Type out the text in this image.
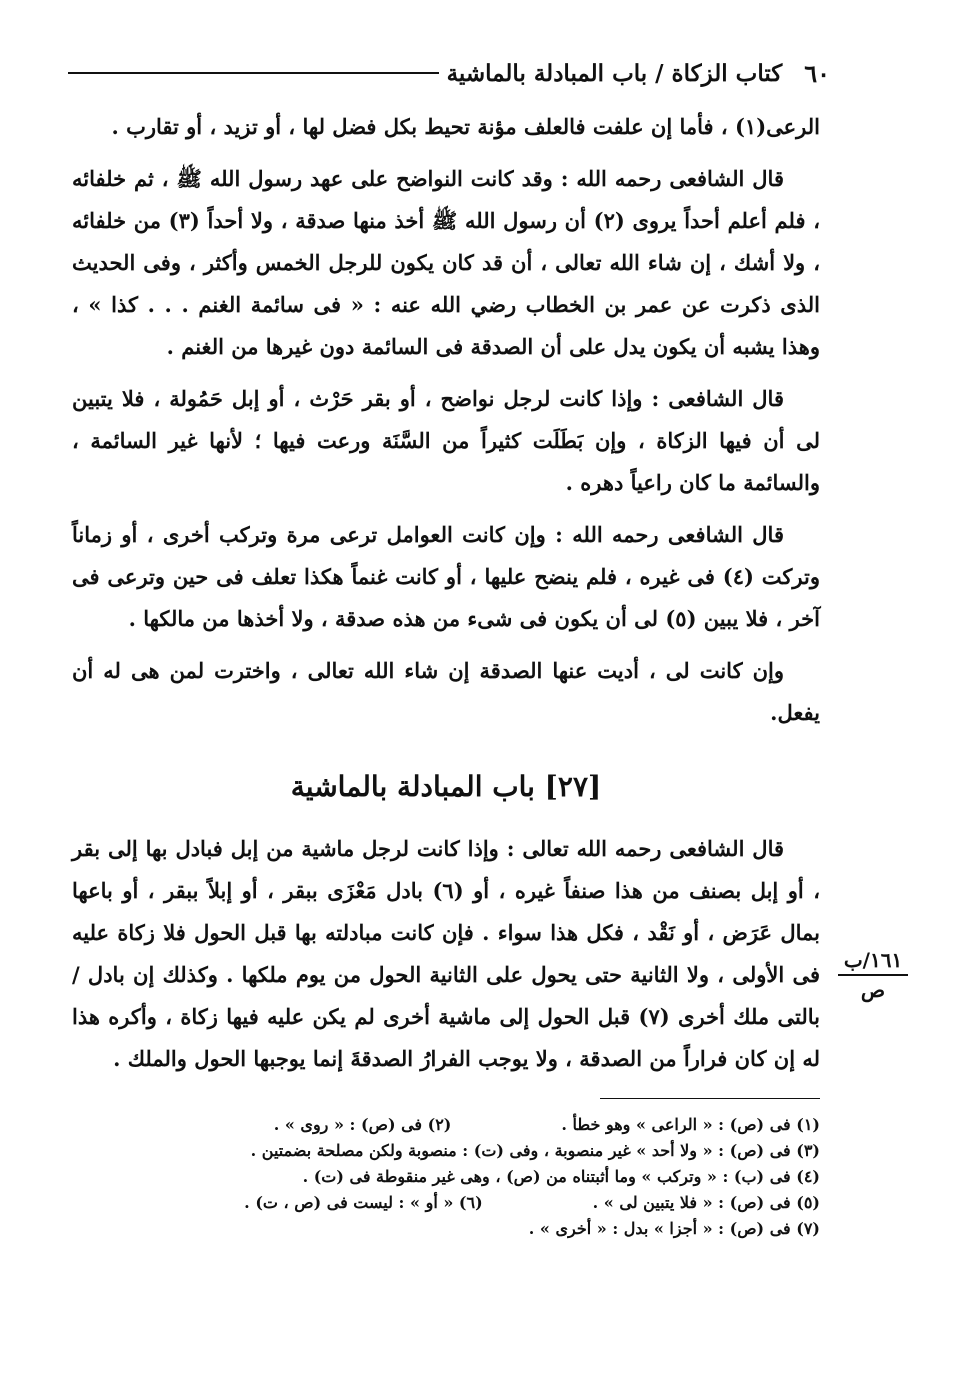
٦٠
كتاب الزكاة / باب المبادلة بالماشية

الرعى(١) ، فأما إن علفت فالعلف مؤنة تحيط بكل فضل لها ، أو تزيد ، أو تقارب .

قال الشافعى رحمه الله : وقد كانت النواضح على عهد رسول الله ﷺ ، ثم خلفائه ، فلم أعلم أحداً يروى (٢) أن رسول الله ﷺ أخذ منها صدقة ، ولا أحداً (٣) من خلفائه ، ولا أشك ، إن شاء الله تعالى ، أن قد كان يكون للرجل الخمس وأكثر ، وفى الحديث الذى ذكرت عن عمر بن الخطاب رضي الله عنه : « فى سائمة الغنم . . . كذا » ، وهذا يشبه أن يكون يدل على أن الصدقة فى السائمة دون غيرها من الغنم .

قال الشافعى : وإذا كانت لرجل نواضح ، أو بقر حَرْث ، أو إبل حَمُولة ، فلا يتبين لى أن فيها الزكاة ، وإن بَطَلَت كثيراً من السَّنَة ورعت فيها ؛ لأنها غير السائمة ، والسائمة ما كان راعياً دهره .

قال الشافعى رحمه الله : وإن كانت العوامل ترعى مرة وتركب أخرى ، أو زماناً وتركت (٤) فى غيره ، فلم ينضح عليها ، أو كانت غنماً هكذا تعلف فى حين وترعى فى آخر ، فلا يبين (٥) لى أن يكون فى شىء من هذه صدقة ، ولا أخذها من مالكها .

وإن كانت لى ، أديت عنها الصدقة إن شاء الله تعالى ، واخترت لمن هى له أن يفعل.

[٢٧] باب المبادلة بالماشية

قال الشافعى رحمه الله تعالى : وإذا كانت لرجل ماشية من إبل فبادل بها إلى بقر ، أو إبل بصنف من هذا صنفاً غيره ، أو (٦) بادل مَعْزَى ببقر ، أو إبلاً ببقر ، أو باعها بمال عَرَض ، أو نَقْد ، فكل هذا سواء . فإن كانت مبادلته بها قبل الحول فلا زكاة عليه فى الأولى ، ولا الثانية حتى يحول على الثانية الحول من يوم ملكها . وكذلك إن بادل / بالتى ملك أخرى (٧) قبل الحول إلى ماشية أخرى لم يكن عليه فيها زكاة ، وأكره هذا له إن كان فراراً من الصدقة ، ولا يوجب الفرارُ الصدقةَ إنما يوجبها الحول والملك .

١٦١/ب
ص
(١) فى (ص) : « الراعى » وهو خطأ .
(٢) فى (ص) : « روى » .
(٣) فى (ص) : « ولا أحد » غير منصوبة ، وفى (ت) : منصوبة ولكن مصلحة بضمتين .
(٤) فى (ب) : « وتركب » وما أثبتناه من (ص) ، وهى غير منقوطة فى (ت) .
(٥) فى (ص) : « فلا يتبين لى » .
(٦) « أو » : ليست فى (ص ، ت) .
(٧) فى (ص) : « أجزا » بدل : « أخرى » .
